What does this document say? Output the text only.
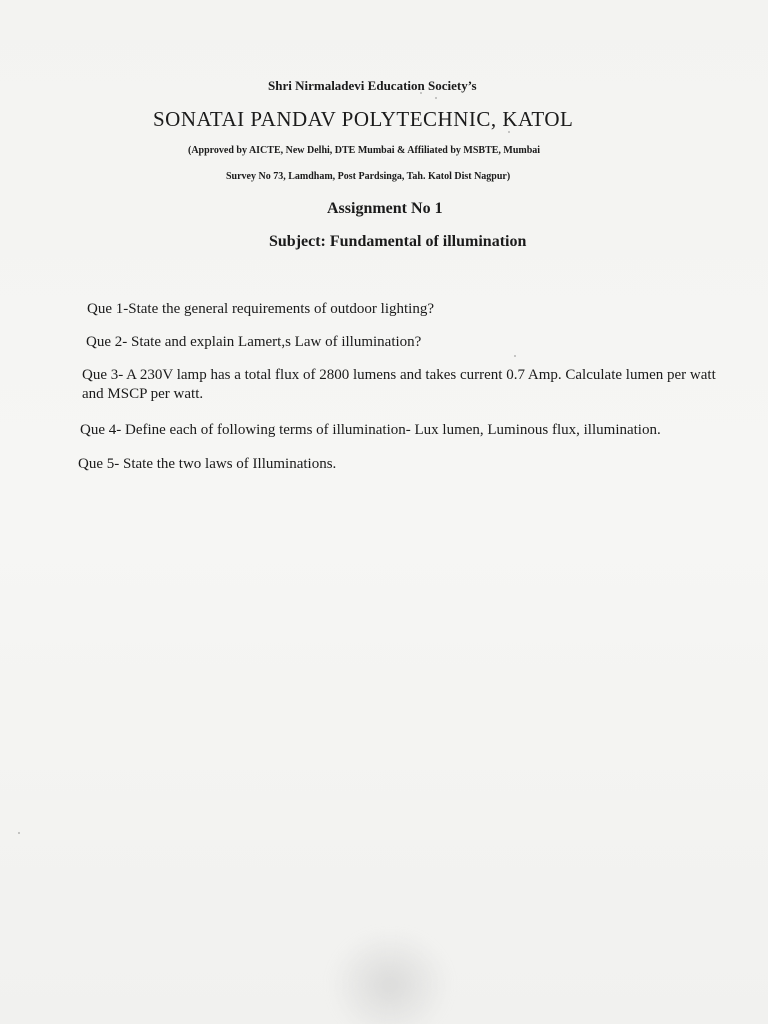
Shri Nirmaladevi Education Society’s
SONATAI PANDAV POLYTECHNIC, KATOL
(Approved by AICTE, New Delhi, DTE Mumbai & Affiliated by MSBTE, Mumbai
Survey No 73, Lamdham, Post Pardsinga, Tah. Katol Dist Nagpur)
Assignment No 1
Subject: Fundamental of illumination
Que 1-State the general requirements of outdoor lighting?
Que 2- State and explain Lamert,s Law of illumination?
Que 3- A 230V lamp has a total flux of 2800 lumens and takes current 0.7 Amp. Calculate lumen per watt and MSCP per watt.
Que 4- Define each of following terms of illumination- Lux lumen, Luminous flux, illumination.
Que 5- State the two laws of Illuminations.
